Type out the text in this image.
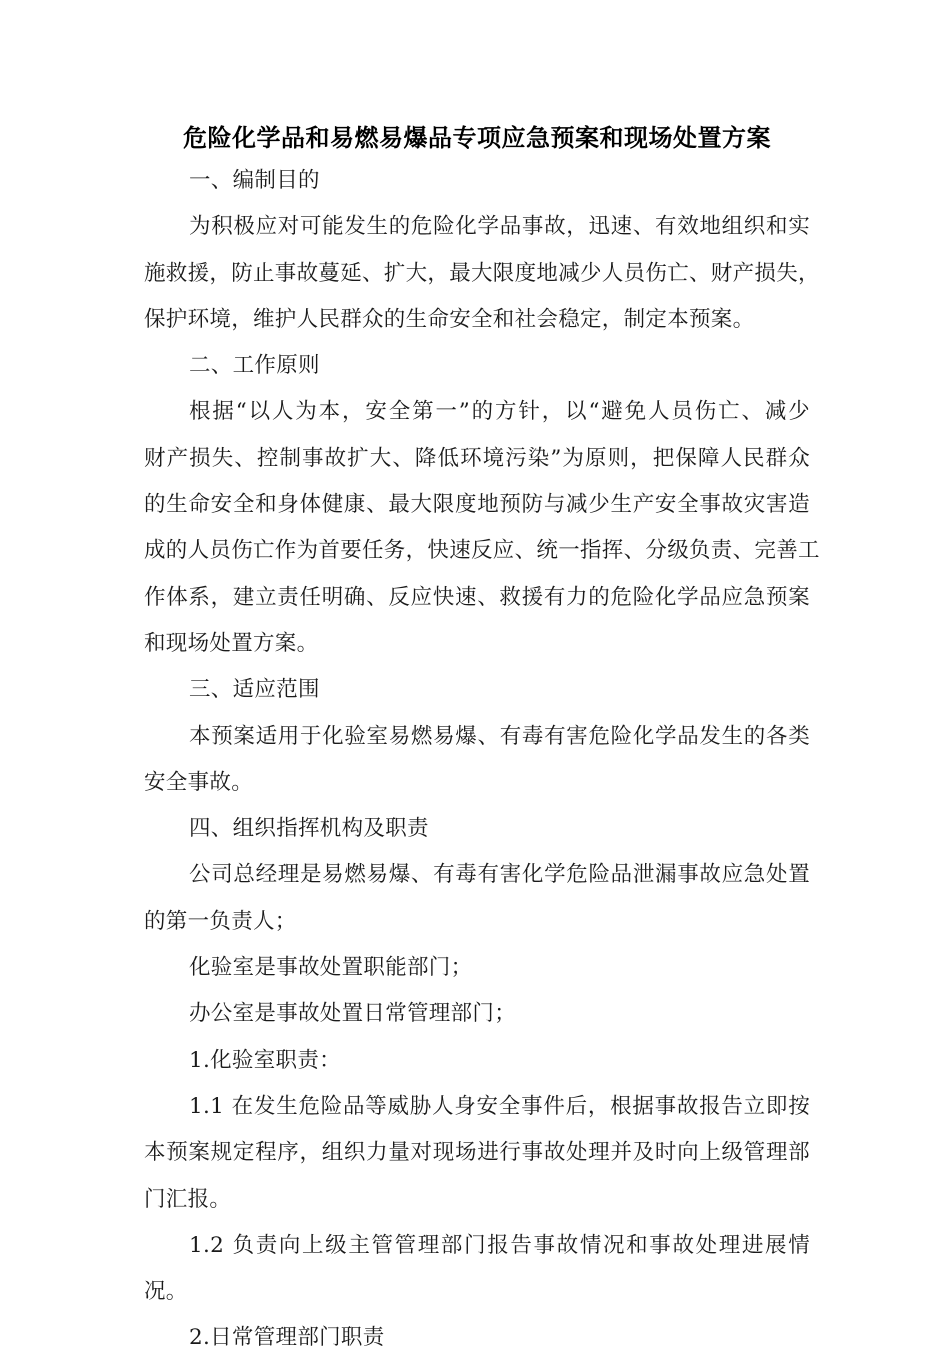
危险化学品和易燃易爆品专项应急预案和现场处置方案
一、编制目的
为积极应对可能发生的危险化学品事故，迅速、有效地组织和实
施救援，防止事故蔓延、扩大，最大限度地减少人员伤亡、财产损失，
保护环境，维护人民群众的生命安全和社会稳定，制定本预案。
二、工作原则
根据“以人为本，安全第一”的方针，以“避免人员伤亡、减少
财产损失、控制事故扩大、降低环境污染”为原则，把保障人民群众
的生命安全和身体健康、最大限度地预防与减少生产安全事故灾害造
成的人员伤亡作为首要任务，快速反应、统一指挥、分级负责、完善工
作体系，建立责任明确、反应快速、救援有力的危险化学品应急预案
和现场处置方案。
三、适应范围
本预案适用于化验室易燃易爆、有毒有害危险化学品发生的各类
安全事故。
四、组织指挥机构及职责
公司总经理是易燃易爆、有毒有害化学危险品泄漏事故应急处置
的第一负责人；
化验室是事故处置职能部门；
办公室是事故处置日常管理部门；
1.化验室职责：
1.1 在发生危险品等威胁人身安全事件后，根据事故报告立即按
本预案规定程序，组织力量对现场进行事故处理并及时向上级管理部
门汇报。
1.2 负责向上级主管管理部门报告事故情况和事故处理进展情
况。
2.日常管理部门职责
